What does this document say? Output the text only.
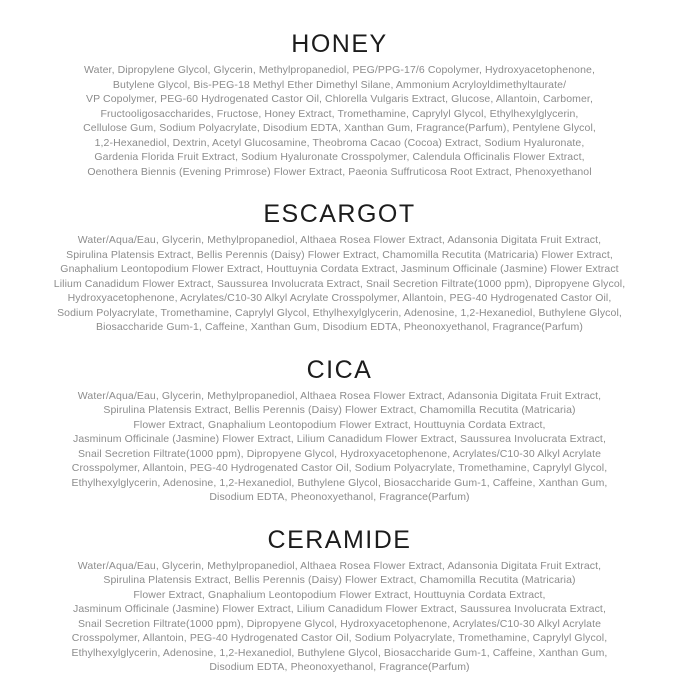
HONEY
Water, Dipropylene Glycol, Glycerin, Methylpropanediol, PEG/PPG-17/6 Copolymer, Hydroxyacetophenone,
Butylene Glycol, Bis-PEG-18 Methyl Ether Dimethyl Silane, Ammonium Acryloyldimethyltaurate/
VP Copolymer, PEG-60 Hydrogenated Castor Oil, Chlorella Vulgaris Extract, Glucose, Allantoin, Carbomer,
Fructooligosaccharides, Fructose, Honey Extract, Tromethamine, Caprylyl Glycol, Ethylhexylglycerin,
Cellulose Gum, Sodium Polyacrylate, Disodium EDTA, Xanthan Gum, Fragrance(Parfum), Pentylene Glycol,
1,2-Hexanediol, Dextrin, Acetyl Glucosamine, Theobroma Cacao (Cocoa) Extract, Sodium Hyaluronate,
Gardenia Florida Fruit Extract, Sodium Hyaluronate Crosspolymer, Calendula Officinalis Flower Extract,
Oenothera Biennis (Evening Primrose) Flower Extract, Paeonia Suffruticosa Root Extract, Phenoxyethanol
ESCARGOT
Water/Aqua/Eau, Glycerin, Methylpropanediol, Althaea Rosea Flower Extract, Adansonia Digitata Fruit Extract,
Spirulina Platensis Extract, Bellis Perennis (Daisy) Flower Extract, Chamomilla Recutita (Matricaria) Flower Extract,
Gnaphalium Leontopodium Flower Extract, Houttuynia Cordata Extract, Jasminum Officinale (Jasmine) Flower Extract
Lilium Canadidum Flower Extract, Saussurea Involucrata Extract, Snail Secretion Filtrate(1000 ppm), Dipropyene Glycol,
Hydroxyacetophenone, Acrylates/C10-30 Alkyl Acrylate Crosspolymer, Allantoin, PEG-40 Hydrogenated Castor Oil,
Sodium Polyacrylate, Tromethamine, Caprylyl Glycol, Ethylhexylglycerin, Adenosine, 1,2-Hexanediol, Buthylene Glycol,
Biosaccharide Gum-1, Caffeine, Xanthan Gum, Disodium EDTA, Pheonoxyethanol, Fragrance(Parfum)
CICA
Water/Aqua/Eau, Glycerin, Methylpropanediol, Althaea Rosea Flower Extract, Adansonia Digitata Fruit Extract,
Spirulina Platensis Extract, Bellis Perennis (Daisy) Flower Extract, Chamomilla Recutita (Matricaria)
Flower Extract, Gnaphalium Leontopodium Flower Extract, Houttuynia Cordata Extract,
Jasminum Officinale (Jasmine) Flower Extract, Lilium Canadidum Flower Extract, Saussurea Involucrata Extract,
Snail Secretion Filtrate(1000 ppm), Dipropyene Glycol, Hydroxyacetophenone, Acrylates/C10-30 Alkyl Acrylate
Crosspolymer, Allantoin, PEG-40 Hydrogenated Castor Oil, Sodium Polyacrylate, Tromethamine, Caprylyl Glycol,
Ethylhexylglycerin, Adenosine, 1,2-Hexanediol, Buthylene Glycol, Biosaccharide Gum-1, Caffeine, Xanthan Gum,
Disodium EDTA, Pheonoxyethanol, Fragrance(Parfum)
CERAMIDE
Water/Aqua/Eau, Glycerin, Methylpropanediol, Althaea Rosea Flower Extract, Adansonia Digitata Fruit Extract,
Spirulina Platensis Extract, Bellis Perennis (Daisy) Flower Extract, Chamomilla Recutita (Matricaria)
Flower Extract, Gnaphalium Leontopodium Flower Extract, Houttuynia Cordata Extract,
Jasminum Officinale (Jasmine) Flower Extract, Lilium Canadidum Flower Extract, Saussurea Involucrata Extract,
Snail Secretion Filtrate(1000 ppm), Dipropyene Glycol, Hydroxyacetophenone, Acrylates/C10-30 Alkyl Acrylate
Crosspolymer, Allantoin, PEG-40 Hydrogenated Castor Oil, Sodium Polyacrylate, Tromethamine, Caprylyl Glycol,
Ethylhexylglycerin, Adenosine, 1,2-Hexanediol, Buthylene Glycol, Biosaccharide Gum-1, Caffeine, Xanthan Gum,
Disodium EDTA, Pheonoxyethanol, Fragrance(Parfum)
